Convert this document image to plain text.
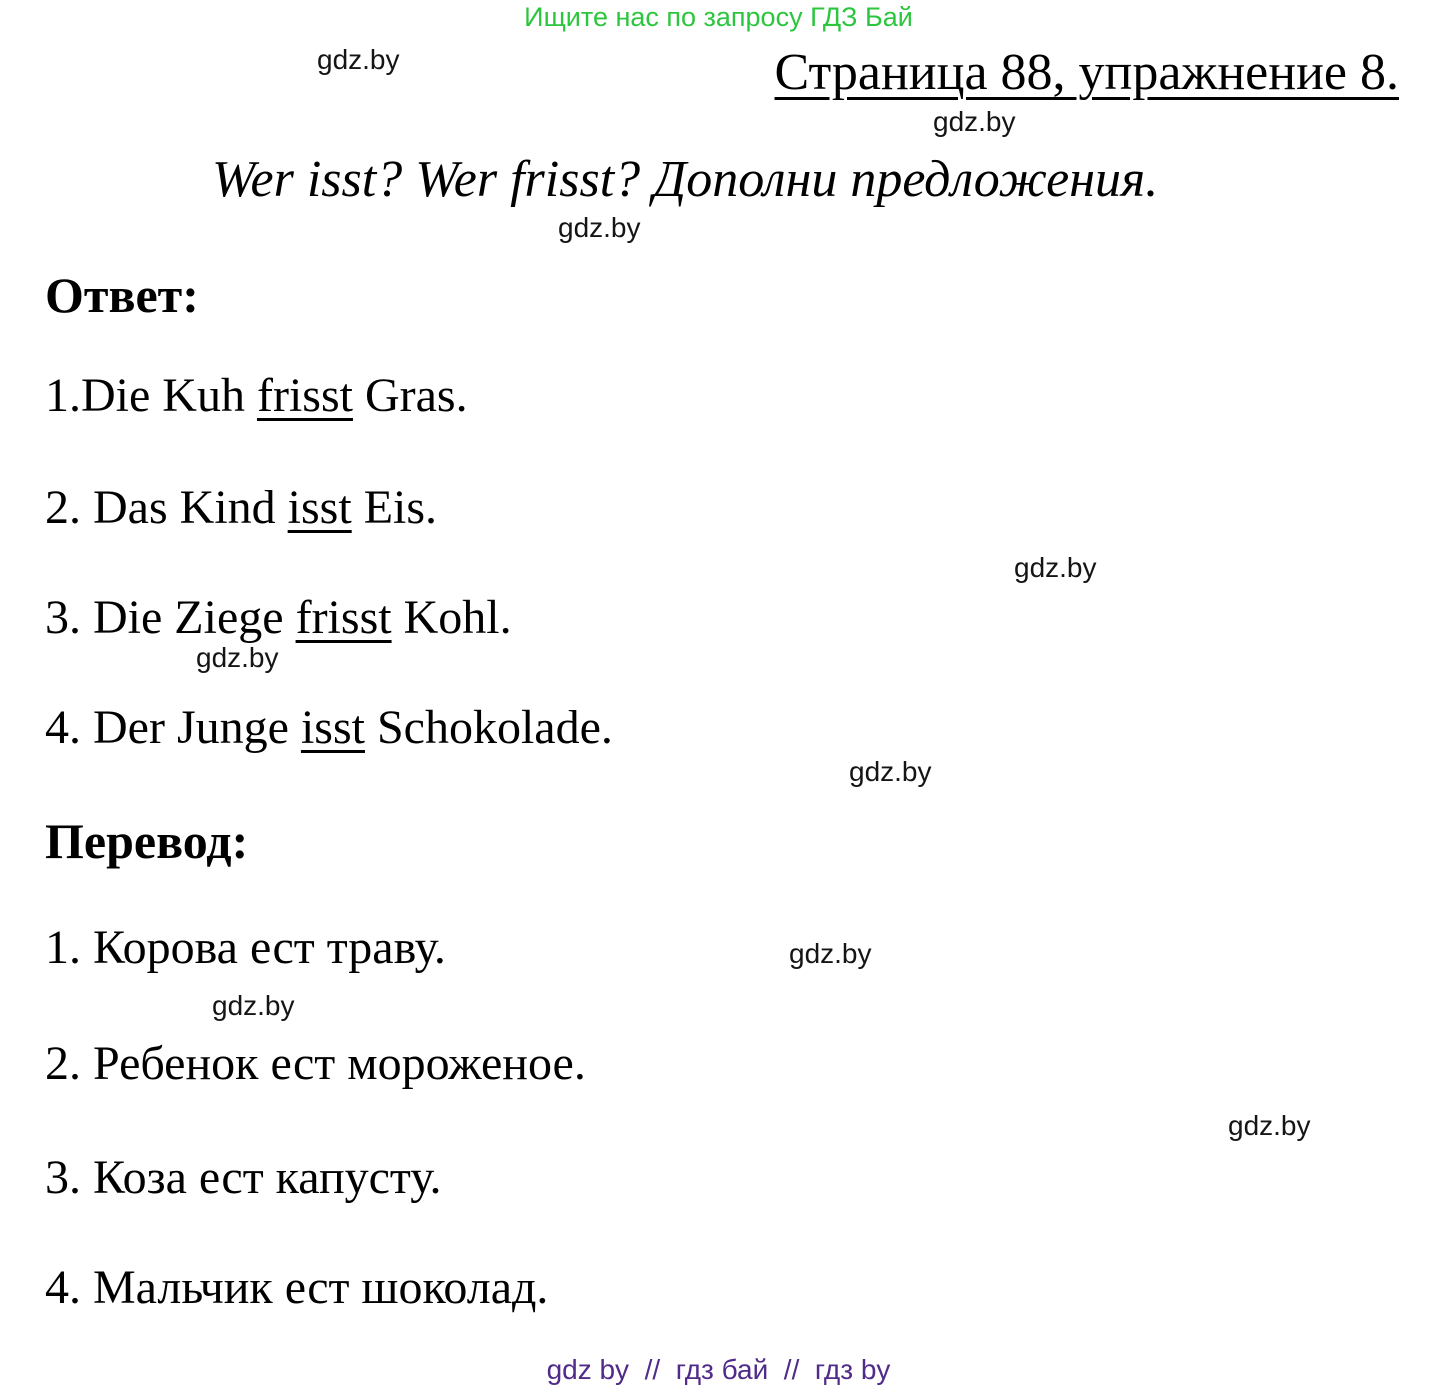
Ищите нас по запросу ГДЗ Бай
gdz.by
gdz.by
gdz.by
gdz.by
gdz.by
gdz.by
gdz.by
gdz.by
gdz.by
Страница 88, упражнение 8.
Wer isst? Wer frisst? Дополни предложения.
Ответ:
1.Die Kuh frisst Gras.
2. Das Kind isst Eis.
3. Die Ziege frisst Kohl.
4. Der Junge isst Schokolade.
Перевод:
1. Корова ест траву.
2. Ребенок ест мороженое.
3. Коза ест капусту.
4. Мальчик ест шоколад.
gdz by  //  гдз бай  //  гдз by
